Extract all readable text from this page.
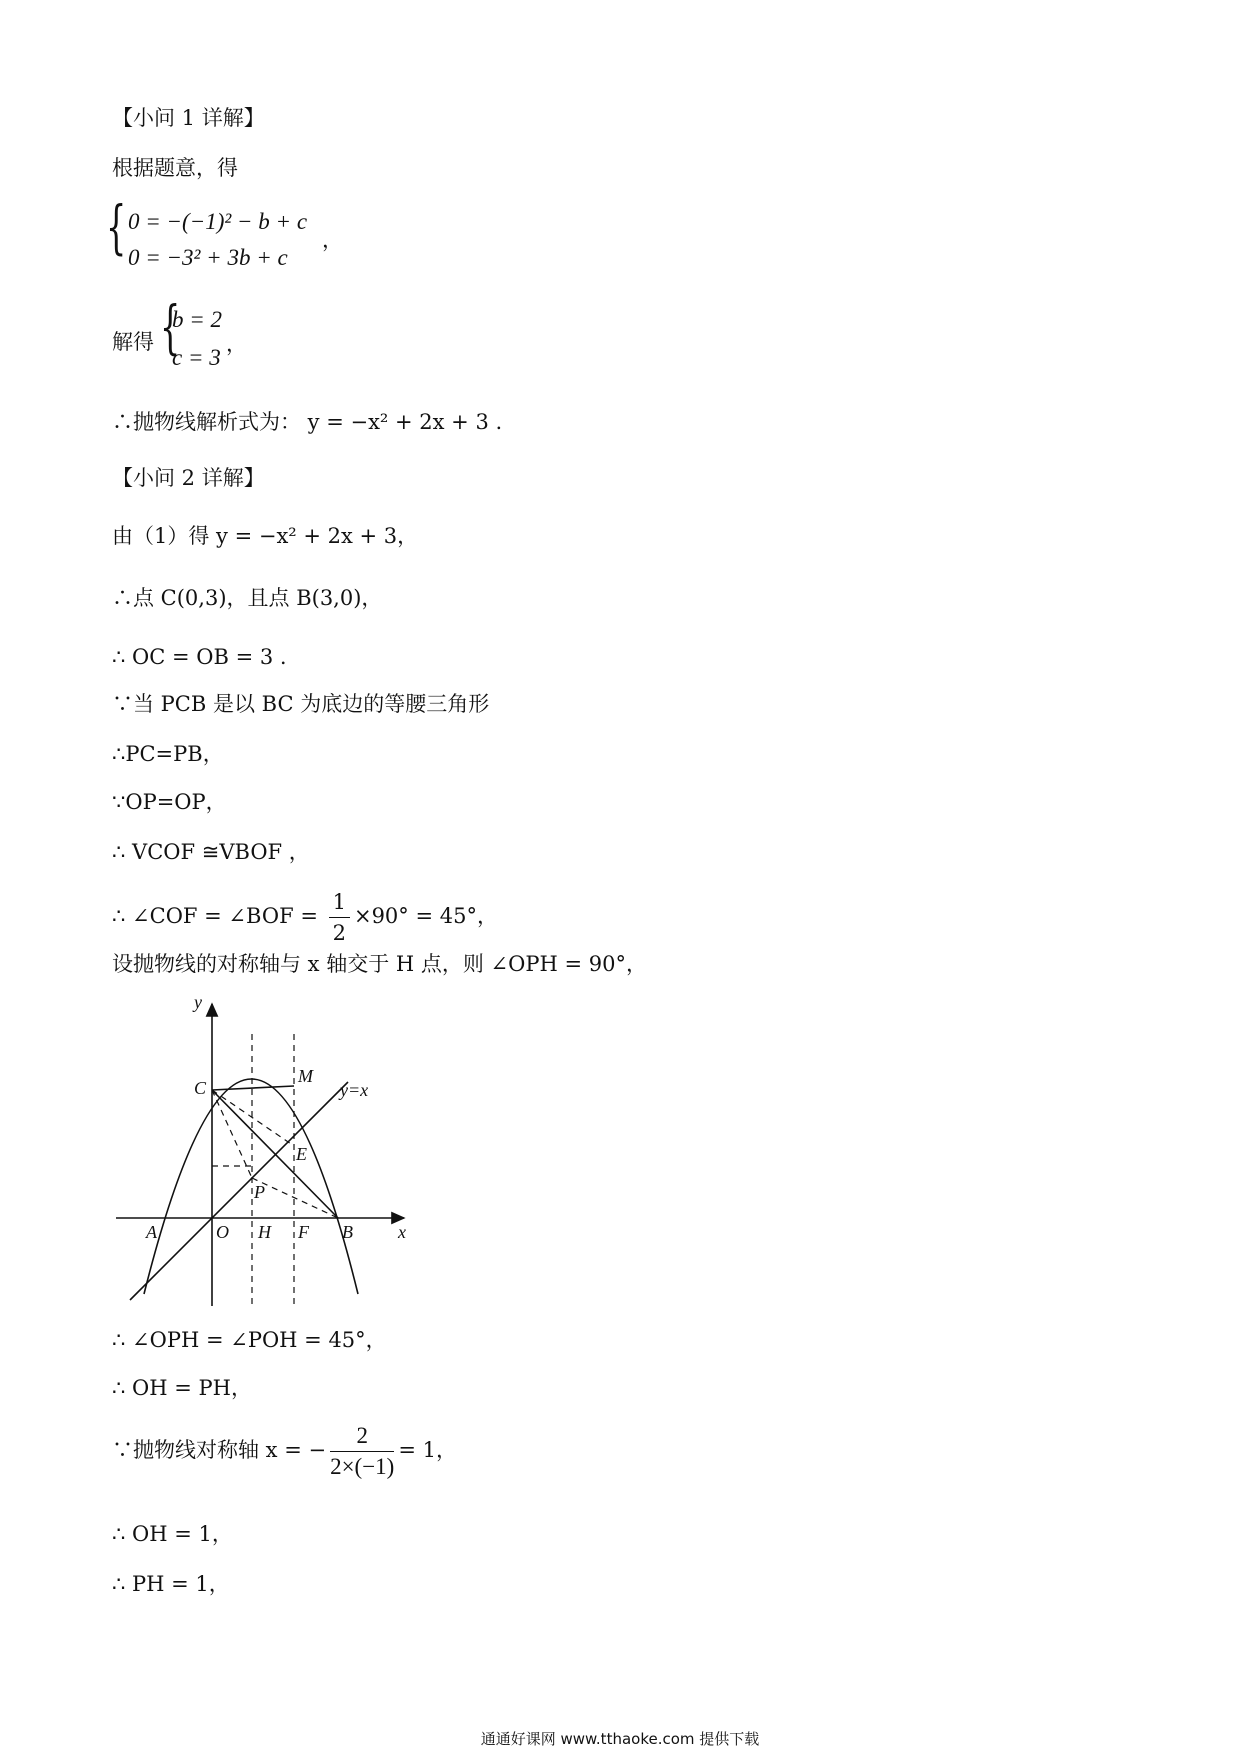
【小问 1 详解】
根据题意，得
{ 0 = −(−1)² − b + c
0 = −3² + 3b + c
，
解得 {
b = 2
c = 3
，
∴抛物线解析式为： y = −x² + 2x + 3 .
【小问 2 详解】
由（1）得 y = −x² + 2x + 3，
∴点 C(0,3)，且点 B(3,0)，
∴ OC = OB = 3 .
∵当 PCB 是以 BC 为底边的等腰三角形
∴PC=PB，
∵OP=OP，
∴ VCOF ≅VBOF ，
∴ ∠COF = ∠BOF = $\frac{1}{2} \times 90^\circ = 45^\circ$，
设抛物线的对称轴与 x 轴交于 H 点，则 ∠OPH = 90°，
y
x
C
M
y=x
E
P
A	O H F B
∴ ∠OPH = ∠POH = 45°，
∴ OH = PH，
∵抛物线对称轴 x = − $\frac{2}{2\times(-1)} = 1$，
∴ OH = 1，
∴ PH = 1，
通通好课网 www.tthaoke.com 提供下载
